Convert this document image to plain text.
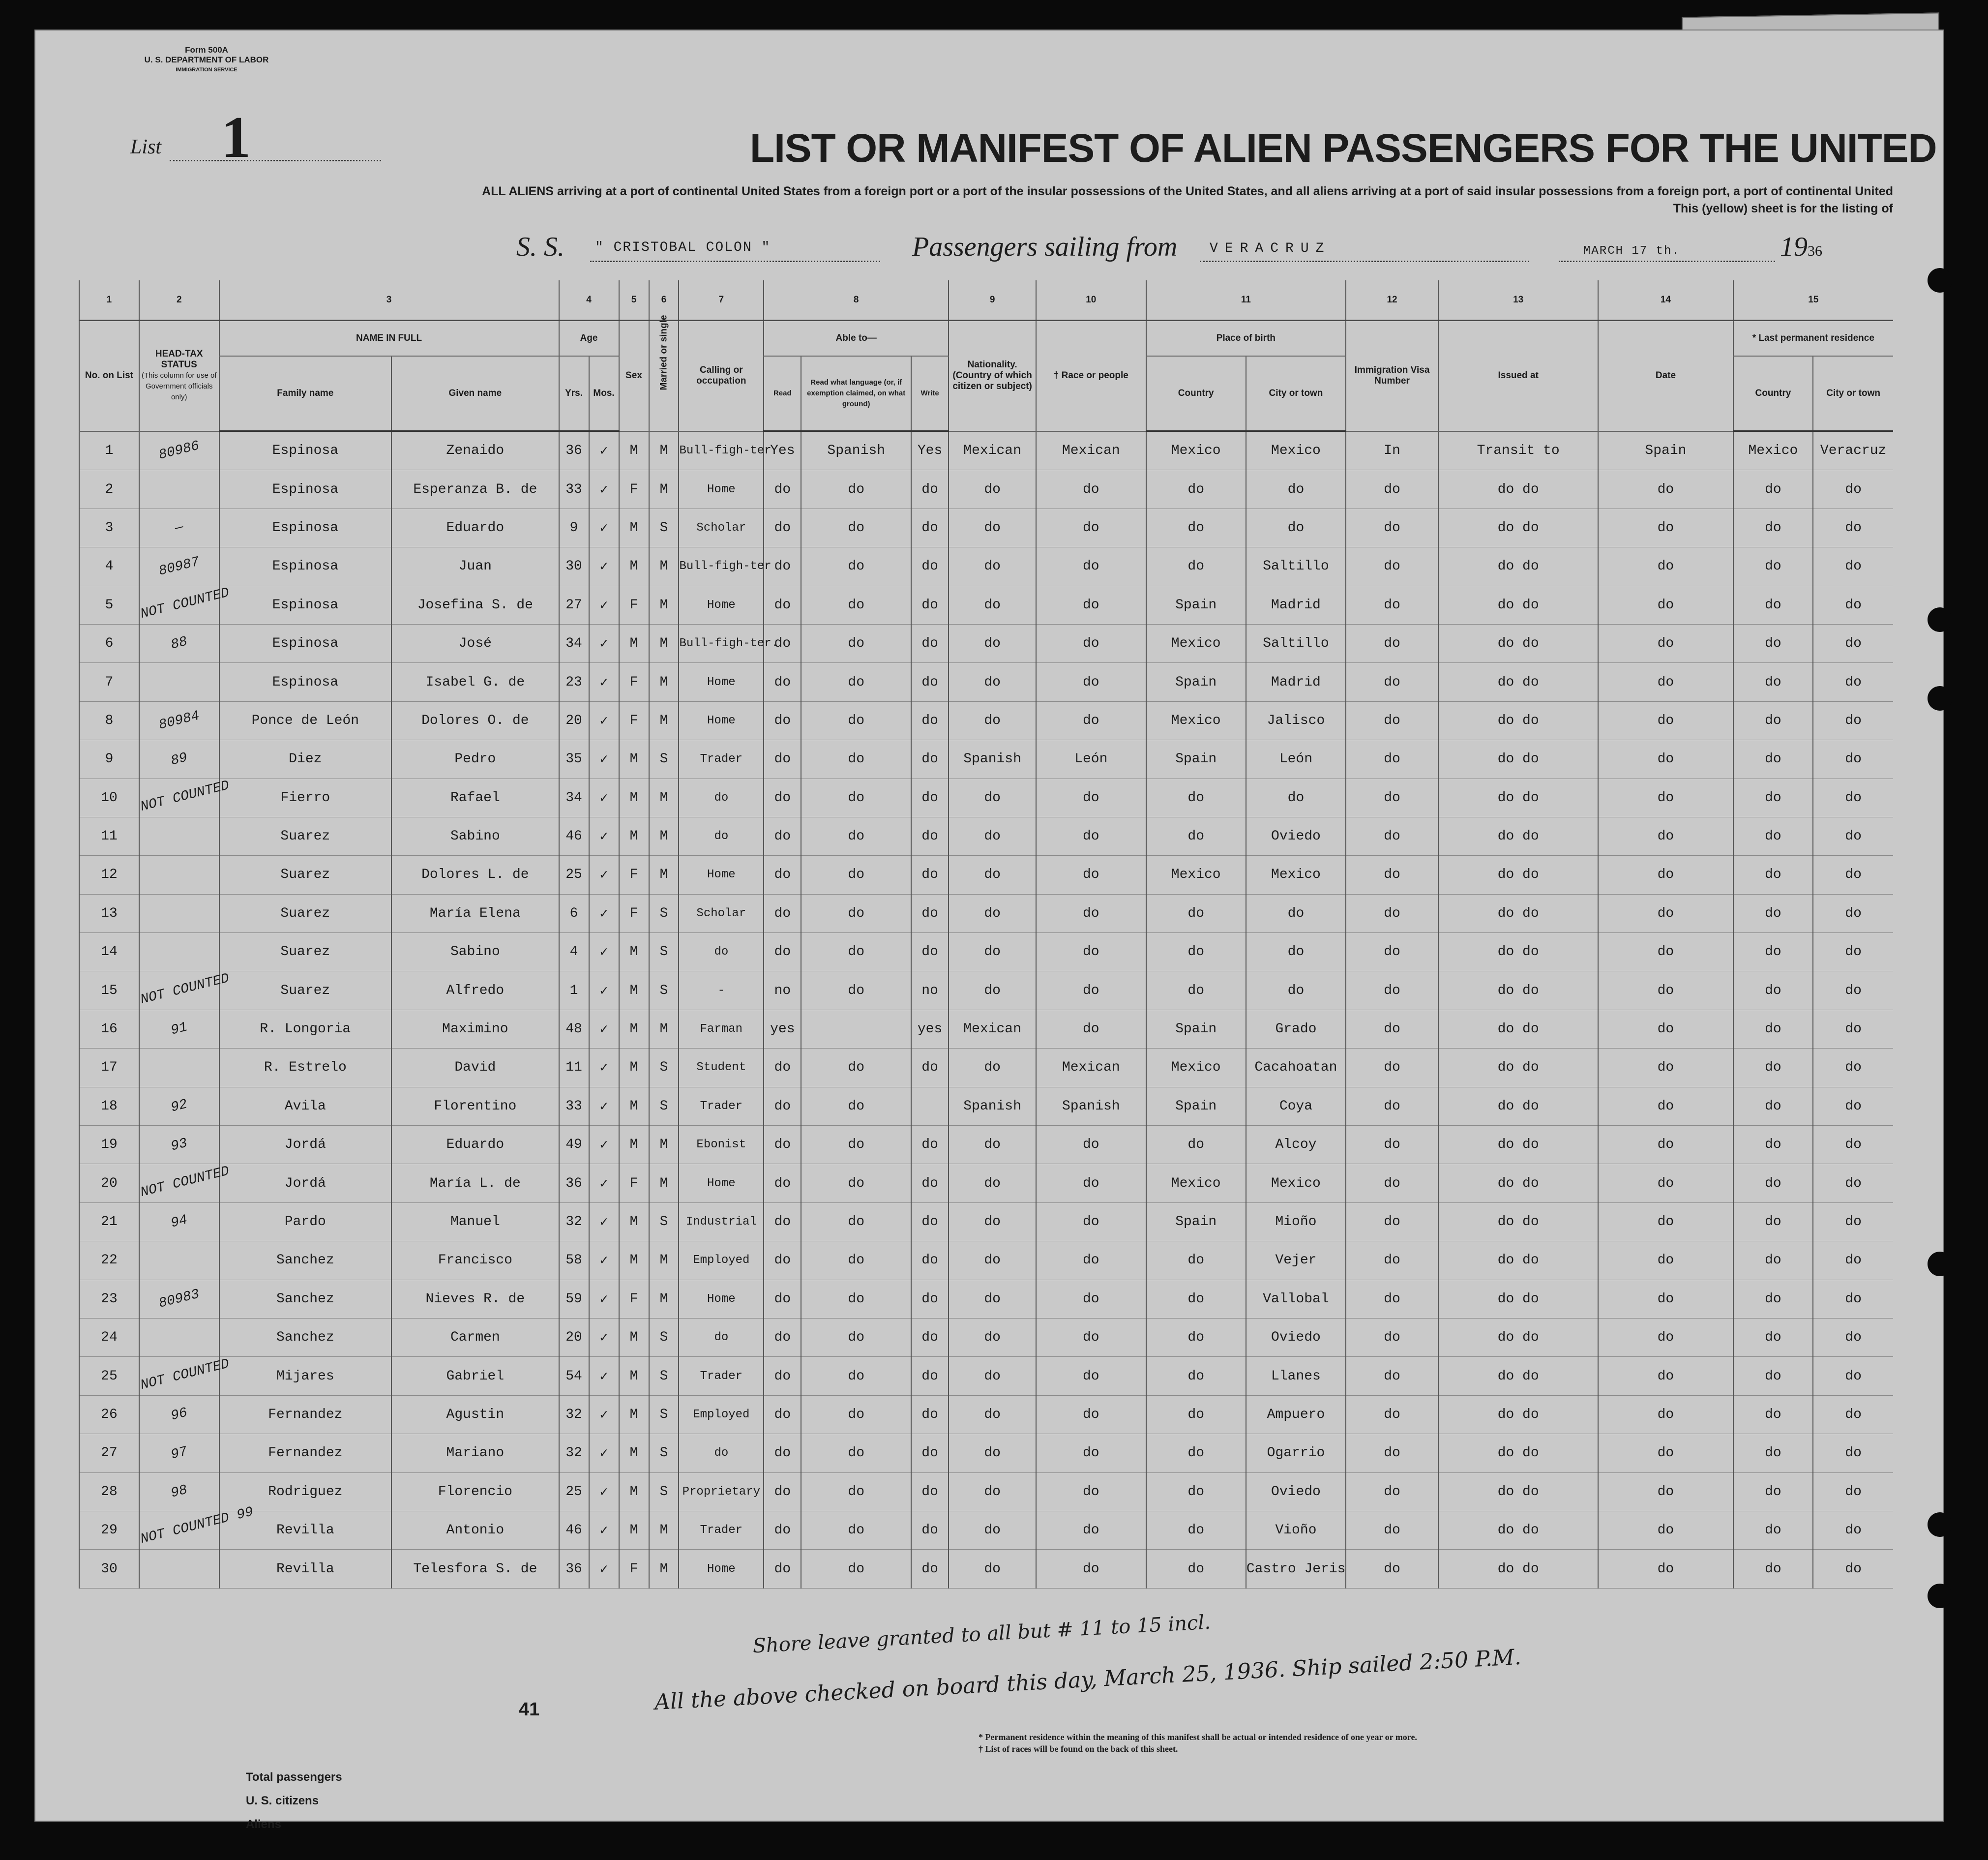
Form 500A
U. S. DEPARTMENT OF LABOR
IMMIGRATION SERVICE
List 1	LIST OR MANIFEST OF ALIEN PASSENGERS FOR THE UNITED
ALL ALIENS arriving at a port of continental United States from a foreign port or a port of the insular possessions of the United States, and all aliens arriving at a port of said insular possessions from a foreign port, a port of continental United
This (yellow) sheet is for the listing of
S. S. " CRISTOBAL COLON "	Passengers sailing from VERACRUZ	MARCH 17 th.	1936
1	2	3		4		5	6	7	8			9	10	11		12	13	14	15	
No. on List	HEAD-TAX STATUS
(This column for use of Government officials only)	NAME IN FULL		Age		Sex	Married or single	Calling or occupation	Able to—			Nationality. (Country of which citizen or subject)	† Race or people	Place of birth		Immigration Visa Number	Issued at	Date	* Last permanent residence	
		Family name	Given name	Yrs.	Mos.				Read	Read what language (or, if exemption claimed, on what ground)	Write			Country	City or town				Country	City or town
1	80986	Espinosa	Zenaido	36	✓	M	M	Bull-figh-ter	Yes	Spanish	Yes	Mexican	Mexican	Mexico	Mexico	In	Transit to	Spain	Mexico	Veracruz
2		Espinosa	Esperanza B. de	33	✓	F	M	Home	do	do	do	do	do	do	do	do	do do	do	do	do
3	—	Espinosa	Eduardo	9	✓	M	S	Scholar	do	do	do	do	do	do	do	do	do do	do	do	do
4	80987	Espinosa	Juan	30	✓	M	M	Bull-figh-ter	do	do	do	do	do	do	Saltillo	do	do do	do	do	do
5	NOT COUNTED	Espinosa	Josefina S. de	27	✓	F	M	Home	do	do	do	do	do	Spain	Madrid	do	do do	do	do	do
6	88	Espinosa	José	34	✓	M	M	Bull-figh-ter.	do	do	do	do	do	Mexico	Saltillo	do	do do	do	do	do
7		Espinosa	Isabel G. de	23	✓	F	M	Home	do	do	do	do	do	Spain	Madrid	do	do do	do	do	do
8	80984	Ponce de León	Dolores O. de	20	✓	F	M	Home	do	do	do	do	do	Mexico	Jalisco	do	do do	do	do	do
9	89	Diez	Pedro	35	✓	M	S	Trader	do	do	do	Spanish	León	Spain	León	do	do do	do	do	do
10	NOT COUNTED	Fierro	Rafael	34	✓	M	M	do	do	do	do	do	do	do	do	do	do do	do	do	do
11		Suarez	Sabino	46	✓	M	M	do	do	do	do	do	do	do	Oviedo	do	do do	do	do	do
12		Suarez	Dolores L. de	25	✓	F	M	Home	do	do	do	do	do	Mexico	Mexico	do	do do	do	do	do
13		Suarez	María Elena	6	✓	F	S	Scholar	do	do	do	do	do	do	do	do	do do	do	do	do
14		Suarez	Sabino	4	✓	M	S	do	do	do	do	do	do	do	do	do	do do	do	do	do
15	NOT COUNTED	Suarez	Alfredo	1	✓	M	S	-	no	do	no	do	do	do	do	do	do do	do	do	do
16	91	R. Longoria	Maximino	48	✓	M	M	Farman	yes		yes	Mexican	do	Spain	Grado	do	do do	do	do	do
17		R. Estrelo	David	11	✓	M	S	Student	do	do	do	do	Mexican	Mexico	Cacahoatan	do	do do	do	do	do
18	92	Avila	Florentino	33	✓	M	S	Trader	do	do		Spanish	Spanish	Spain	Coya	do	do do	do	do	do
19	93	Jordá	Eduardo	49	✓	M	M	Ebonist	do	do	do	do	do	do	Alcoy	do	do do	do	do	do
20	NOT COUNTED	Jordá	María L. de	36	✓	F	M	Home	do	do	do	do	do	Mexico	Mexico	do	do do	do	do	do
21	94	Pardo	Manuel	32	✓	M	S	Industrial	do	do	do	do	do	Spain	Mioño	do	do do	do	do	do
22		Sanchez	Francisco	58	✓	M	M	Employed	do	do	do	do	do	do	Vejer	do	do do	do	do	do
23	80983	Sanchez	Nieves R. de	59	✓	F	M	Home	do	do	do	do	do	do	Vallobal	do	do do	do	do	do
24		Sanchez	Carmen	20	✓	M	S	do	do	do	do	do	do	do	Oviedo	do	do do	do	do	do
25	NOT COUNTED	Mijares	Gabriel	54	✓	M	S	Trader	do	do	do	do	do	do	Llanes	do	do do	do	do	do
26	96	Fernandez	Agustin	32	✓	M	S	Employed	do	do	do	do	do	do	Ampuero	do	do do	do	do	do
27	97	Fernandez	Mariano	32	✓	M	S	do	do	do	do	do	do	do	Ogarrio	do	do do	do	do	do
28	98	Rodriguez	Florencio	25	✓	M	S	Proprietary	do	do	do	do	do	do	Oviedo	do	do do	do	do	do
29	NOT COUNTED 99	Revilla	Antonio	46	✓	M	M	Trader	do	do	do	do	do	do	Vioño	do	do do	do	do	do
30		Revilla	Telesfora S. de	36	✓	F	M	Home	do	do	do	do	do	do	Castro Jeris	do	do do	do	do	do
Shore leave granted to all but # 11 to 15 incl.
All the above checked on board this day, March 25, 1936. Ship sailed 2:50 P.M.
41
Total passengers
U. S. citizens
Aliens
* Permanent residence within the meaning of this manifest shall be actual or intended residence of one year or more.
† List of races will be found on the back of this sheet.
